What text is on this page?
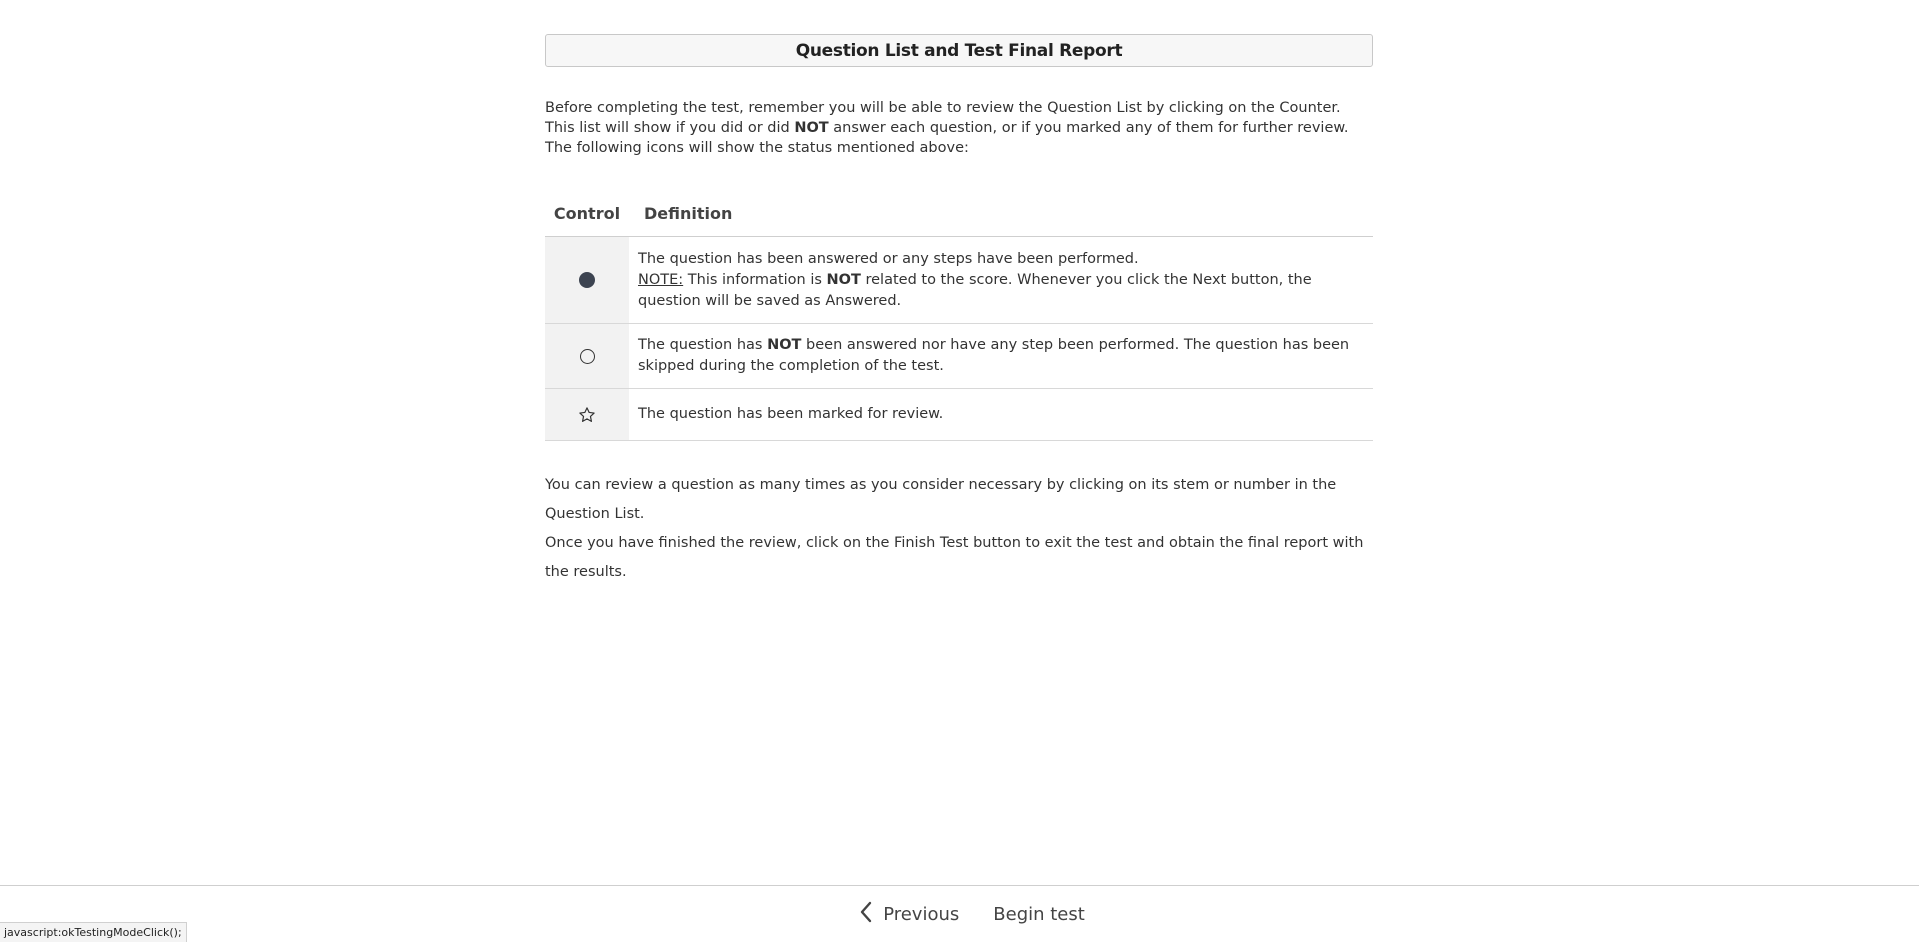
Question List and Test Final Report
Before completing the test, remember you will be able to review the Question List by clicking on the Counter. This list will show if you did or did NOT answer each question, or if you marked any of them for further review. The following icons will show the status mentioned above:
Control	Definition
The question has been answered or any steps have been performed.
NOTE: This information is NOT related to the score. Whenever you click the Next button, the question will be saved as Answered.
The question has NOT been answered nor have any step been performed. The question has been skipped during the completion of the test.
The question has been marked for review.
You can review a question as many times as you consider necessary by clicking on its stem or number in the Question List.
Once you have finished the review, click on the Finish Test button to exit the test and obtain the final report with the results.
Previous	Begin test
javascript:okTestingModeClick();
